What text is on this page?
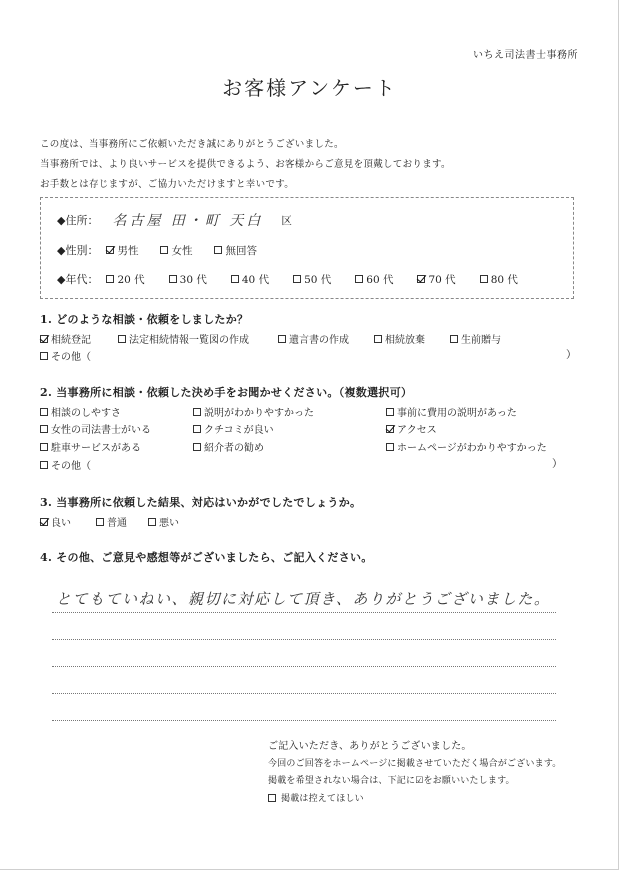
いちえ司法書士事務所
お客様アンケート
この度は、当事務所にご依頼いただき誠にありがとうございました。
当事務所では、より良いサービスを提供できるよう、お客様からご意見を頂戴しております。
お手数とは存じますが、ご協力いただけますと幸いです。
◆住所： 名古屋 田・町 天白 区
◆性別： 男性	女性	無回答
◆年代： 20 代	30 代	40 代	50 代	60 代	70 代	80 代
1. どのような相談・依頼をしましたか？
相続登記	法定相続情報一覧図の作成	遺言書の作成	相続放棄	生前贈与
その他（	）
2. 当事務所に相談・依頼した決め手をお聞かせください。（複数選択可）
相談のしやすさ	説明がわかりやすかった	事前に費用の説明があった
女性の司法書士がいる	クチコミが良い	アクセス
駐車サービスがある	紹介者の勧め	ホームページがわかりやすかった
その他（	）
3. 当事務所に依頼した結果、対応はいかがでしたでしょうか。
良い	普通	悪い
4. その他、ご意見や感想等がございましたら、ご記入ください。
とてもていねい、親切に対応して頂き、ありがとうございました。
ご記入いただき、ありがとうございました。
今回のご回答をホームページに掲載させていただく場合がございます。
掲載を希望されない場合は、下記に☑をお願いいたします。
掲載は控えてほしい
